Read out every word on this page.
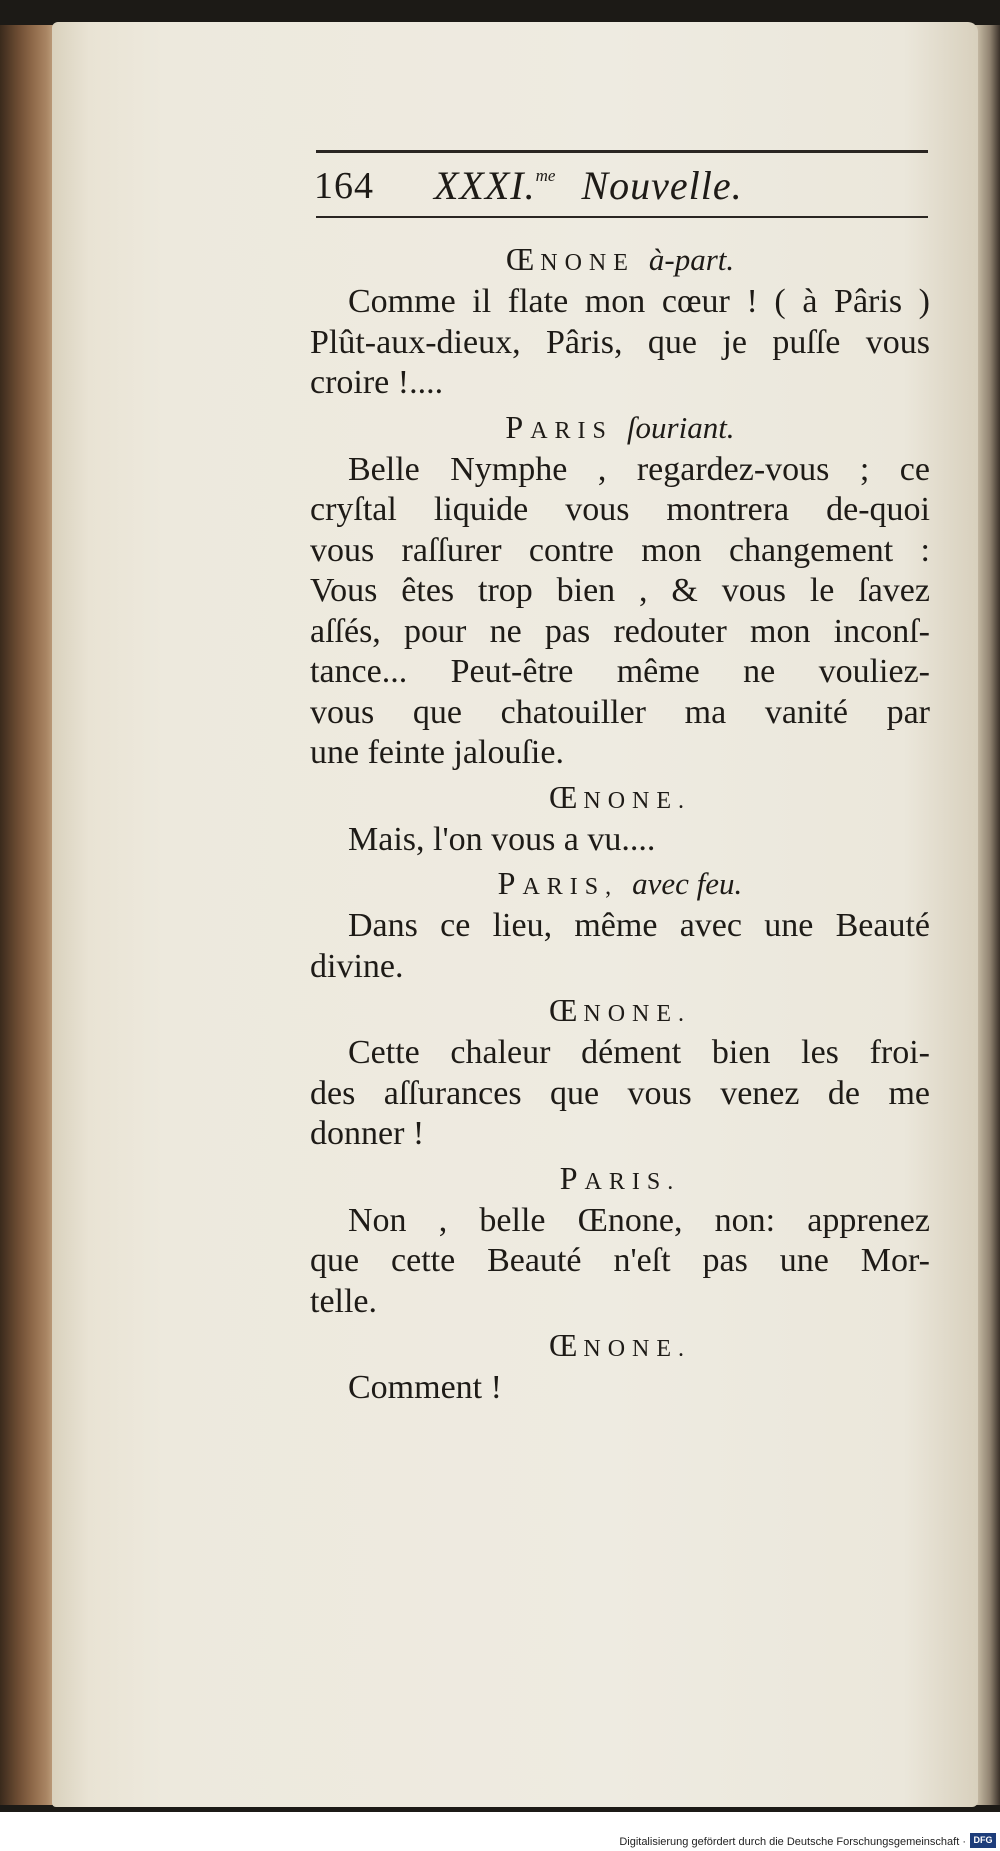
164 XXXI.$^{me}$ Nouvelle.
Œ NONE à-part.
Comme il flate mon cœur ! ( à Pâris )
Plût-aux-dieux, Pâris, que je puſſe vous
croire !....
PARIS ſouriant.
Belle Nymphe , regardez-vous ; ce
cryſtal liquide vous montrera de-quoi
vous raſſurer contre mon changement :
Vous êtes trop bien , & vous le ſavez
aſſés, pour ne pas redouter mon inconſ-
tance... Peut-être même ne vouliez-
vous que chatouiller ma vanité par
une feinte jalouſie.
Œ NONE.
Mais, l'on vous a vu....
PARIS, avec feu.
Dans ce lieu, même avec une Beauté
divine.
Œ NONE.
Cette chaleur dément bien les froi-
des aſſurances que vous venez de me
donner !
PARIS.
Non , belle Œnone, non: apprenez
que cette Beauté n'eſt pas une Mor-
telle.
Œ NONE.
Comment !
Digitalisierung gefördert durch die Deutsche Forschungsgemeinschaft · DFG
